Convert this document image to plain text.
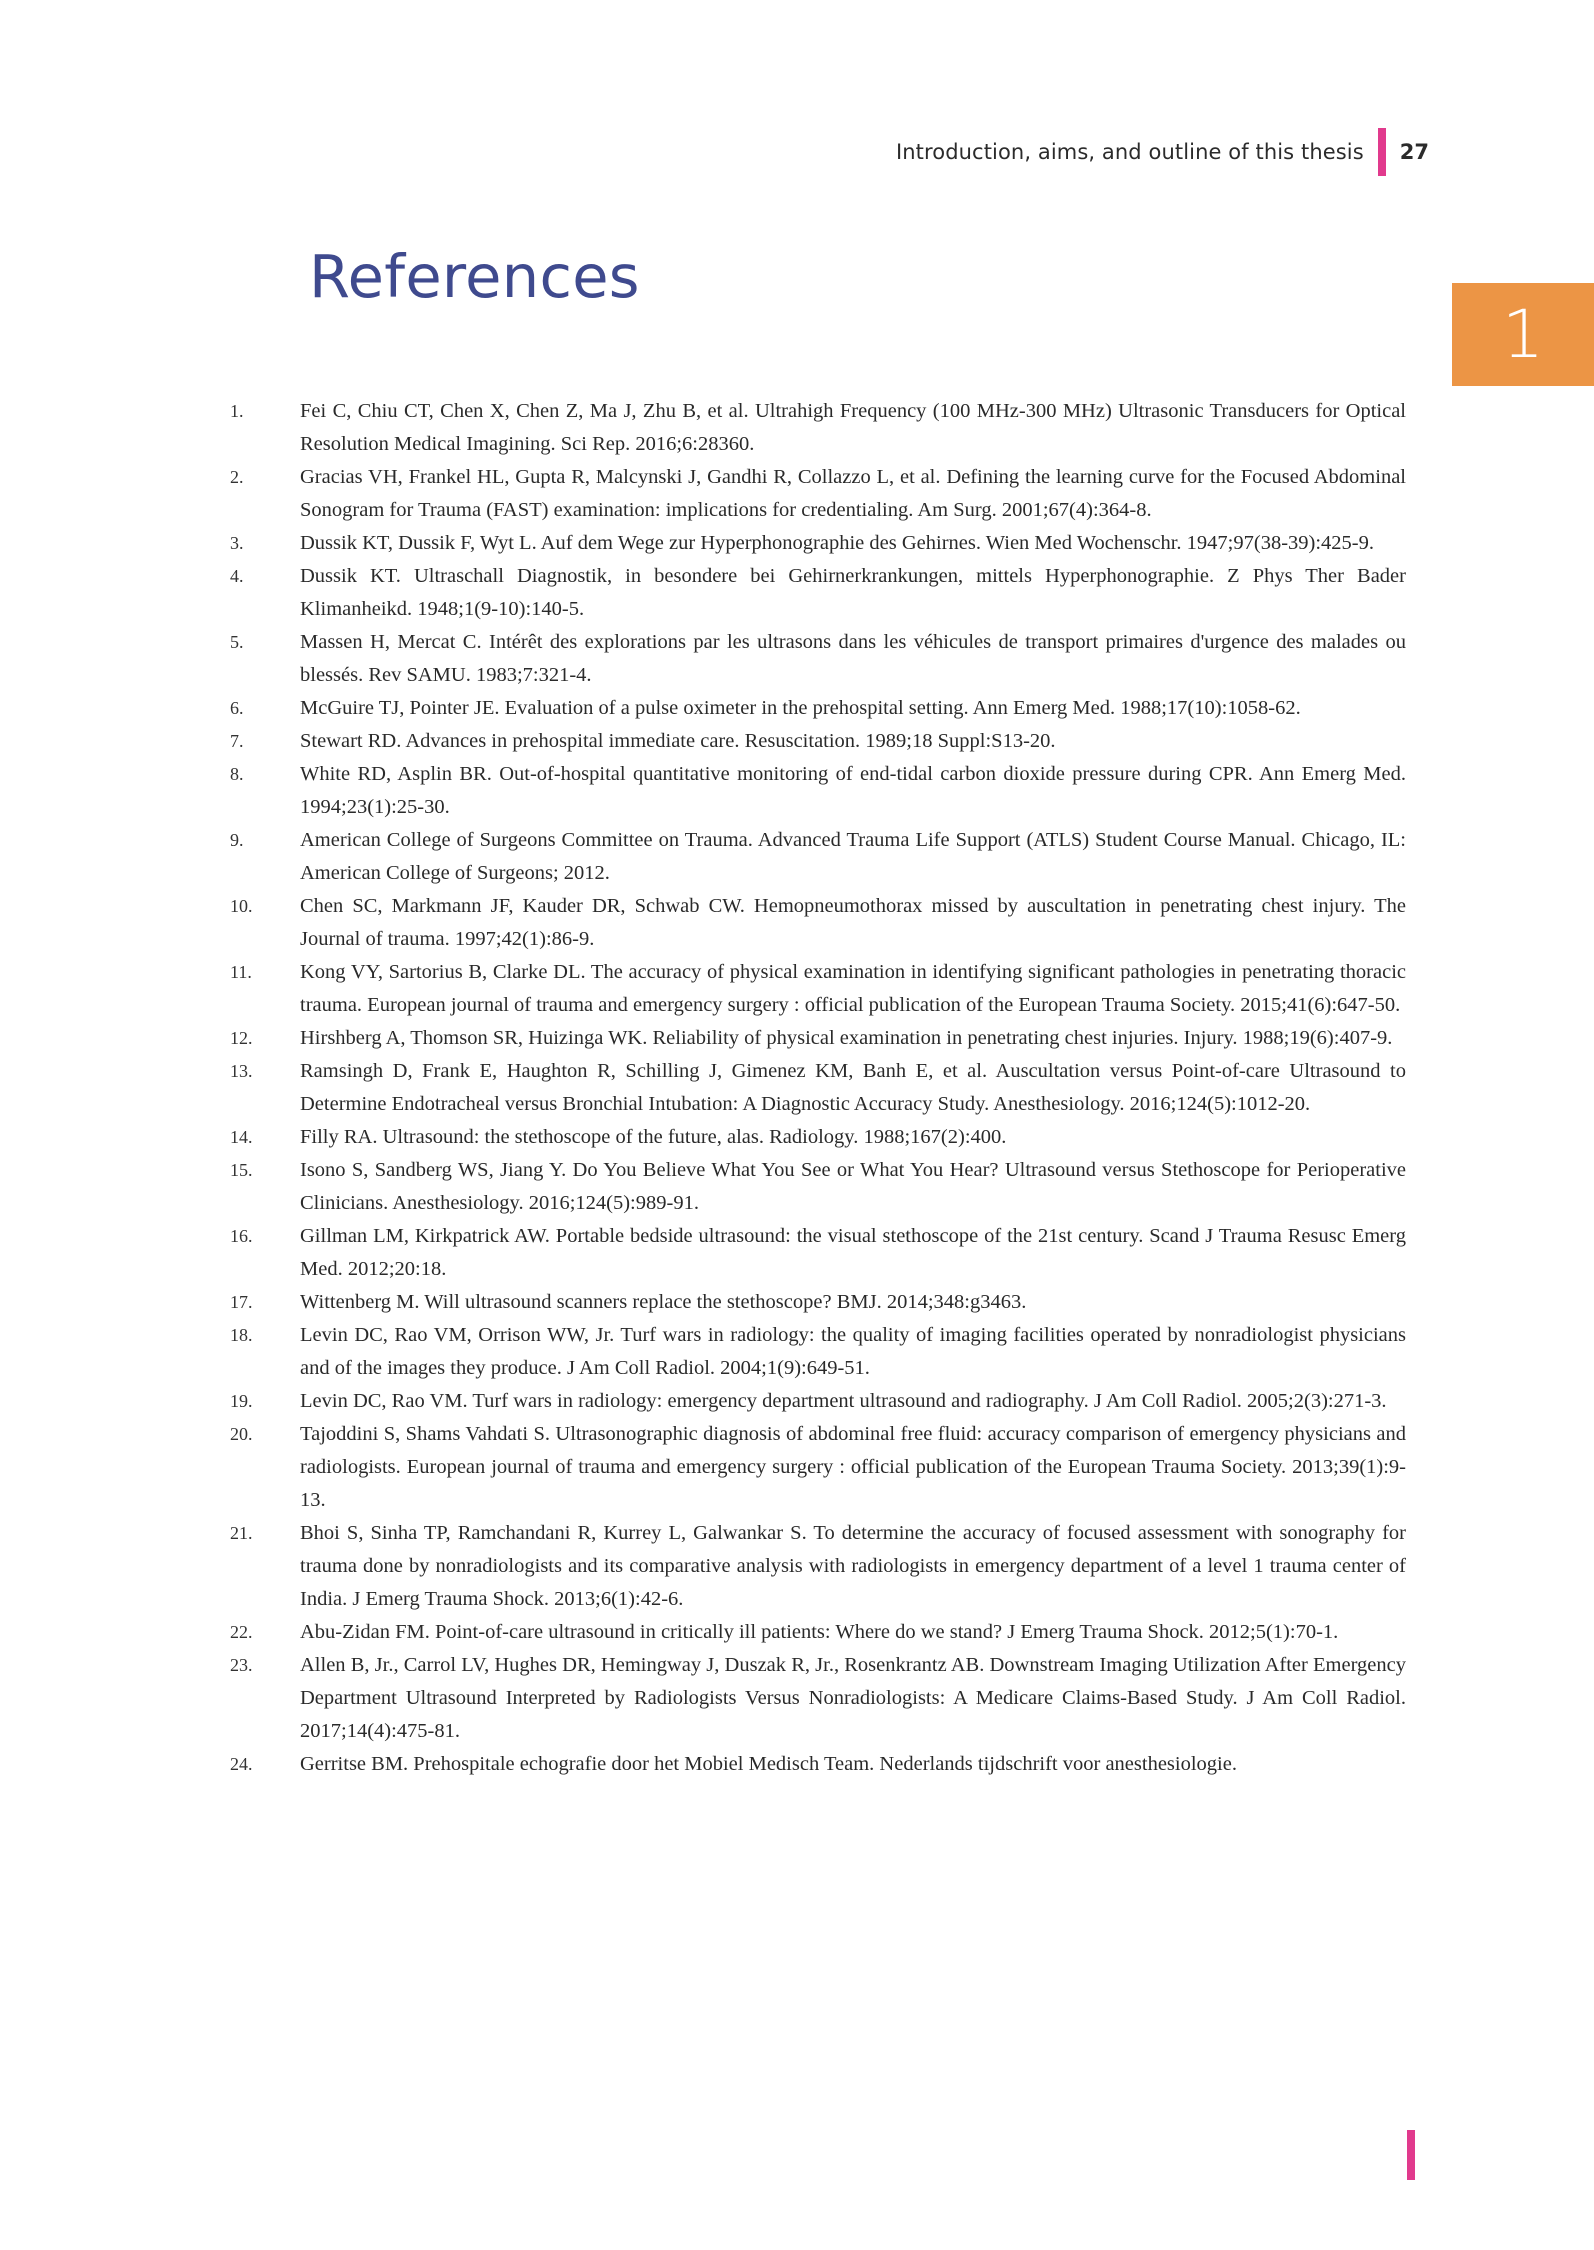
Introduction, aims, and outline of this thesis 27
1
References
1.	Fei C, Chiu CT, Chen X, Chen Z, Ma J, Zhu B, et al. Ultrahigh Frequency (100 MHz-300 MHz) Ultrasonic Transducers for Optical Resolution Medical Imagining. Sci Rep. 2016;6:28360.
2.	Gracias VH, Frankel HL, Gupta R, Malcynski J, Gandhi R, Collazzo L, et al. Defining the learning curve for the Focused Abdominal Sonogram for Trauma (FAST) examination: implications for credentialing. Am Surg. 2001;67(4):364-8.
3.	Dussik KT, Dussik F, Wyt L. Auf dem Wege zur Hyperphonographie des Gehirnes. Wien Med Wochenschr. 1947;97(38-39):425-9.
4.	Dussik KT. Ultraschall Diagnostik, in besondere bei Gehirnerkrankungen, mittels Hyperphonographie. Z Phys Ther Bader Klimanheikd. 1948;1(9-10):140-5.
5.	Massen H, Mercat C. Intérêt des explorations par les ultrasons dans les véhicules de transport primaires d'urgence des malades ou blessés. Rev SAMU. 1983;7:321-4.
6.	McGuire TJ, Pointer JE. Evaluation of a pulse oximeter in the prehospital setting. Ann Emerg Med. 1988;17(10):1058-62.
7.	Stewart RD. Advances in prehospital immediate care. Resuscitation. 1989;18 Suppl:S13-20.
8.	White RD, Asplin BR. Out-of-hospital quantitative monitoring of end-tidal carbon dioxide pressure during CPR. Ann Emerg Med. 1994;23(1):25-30.
9.	American College of Surgeons Committee on Trauma. Advanced Trauma Life Support (ATLS) Student Course Manual. Chicago, IL: American College of Surgeons; 2012.
10.	Chen SC, Markmann JF, Kauder DR, Schwab CW. Hemopneumothorax missed by auscultation in penetrating chest injury. The Journal of trauma. 1997;42(1):86-9.
11.	Kong VY, Sartorius B, Clarke DL. The accuracy of physical examination in identifying significant pathologies in penetrating thoracic trauma. European journal of trauma and emergency surgery : official publication of the European Trauma Society. 2015;41(6):647-50.
12.	Hirshberg A, Thomson SR, Huizinga WK. Reliability of physical examination in penetrating chest injuries. Injury. 1988;19(6):407-9.
13.	Ramsingh D, Frank E, Haughton R, Schilling J, Gimenez KM, Banh E, et al. Auscultation versus Point-of-care Ultrasound to Determine Endotracheal versus Bronchial Intubation: A Diagnostic Accuracy Study. Anesthesiology. 2016;124(5):1012-20.
14.	Filly RA. Ultrasound: the stethoscope of the future, alas. Radiology. 1988;167(2):400.
15.	Isono S, Sandberg WS, Jiang Y. Do You Believe What You See or What You Hear? Ultrasound versus Stethoscope for Perioperative Clinicians. Anesthesiology. 2016;124(5):989-91.
16.	Gillman LM, Kirkpatrick AW. Portable bedside ultrasound: the visual stethoscope of the 21st century. Scand J Trauma Resusc Emerg Med. 2012;20:18.
17.	Wittenberg M. Will ultrasound scanners replace the stethoscope? BMJ. 2014;348:g3463.
18.	Levin DC, Rao VM, Orrison WW, Jr. Turf wars in radiology: the quality of imaging facilities operated by nonradiologist physicians and of the images they produce. J Am Coll Radiol. 2004;1(9):649-51.
19.	Levin DC, Rao VM. Turf wars in radiology: emergency department ultrasound and radiography. J Am Coll Radiol. 2005;2(3):271-3.
20.	Tajoddini S, Shams Vahdati S. Ultrasonographic diagnosis of abdominal free fluid: accuracy comparison of emergency physicians and radiologists. European journal of trauma and emergency surgery : official publication of the European Trauma Society. 2013;39(1):9-13.
21.	Bhoi S, Sinha TP, Ramchandani R, Kurrey L, Galwankar S. To determine the accuracy of focused assessment with sonography for trauma done by nonradiologists and its comparative analysis with radiologists in emergency department of a level 1 trauma center of India. J Emerg Trauma Shock. 2013;6(1):42-6.
22.	Abu-Zidan FM. Point-of-care ultrasound in critically ill patients: Where do we stand? J Emerg Trauma Shock. 2012;5(1):70-1.
23.	Allen B, Jr., Carrol LV, Hughes DR, Hemingway J, Duszak R, Jr., Rosenkrantz AB. Downstream Imaging Utilization After Emergency Department Ultrasound Interpreted by Radiologists Versus Nonradiologists: A Medicare Claims-Based Study. J Am Coll Radiol. 2017;14(4):475-81.
24.	Gerritse BM. Prehospitale echografie door het Mobiel Medisch Team. Nederlands tijdschrift voor anesthesiologie.
